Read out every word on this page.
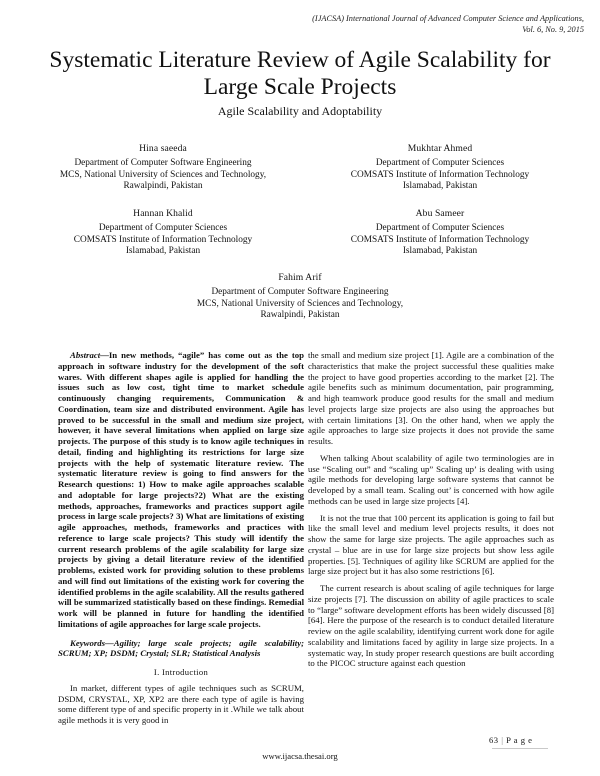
(IJACSA) International Journal of Advanced Computer Science and Applications,
Vol. 6, No. 9, 2015
Systematic Literature Review of Agile Scalability for Large Scale Projects
Agile Scalability and Adoptability
Hina saeeda
Department of Computer Software Engineering
MCS, National University of Sciences and Technology,
Rawalpindi, Pakistan
Mukhtar Ahmed
Department of Computer Sciences
COMSATS Institute of Information Technology
Islamabad, Pakistan
Hannan Khalid
Department of Computer Sciences
COMSATS Institute of Information Technology
Islamabad, Pakistan
Abu Sameer
Department of Computer Sciences
COMSATS Institute of Information Technology
Islamabad, Pakistan
Fahim Arif
Department of Computer Software Engineering
MCS, National University of Sciences and Technology,
Rawalpindi, Pakistan

Abstract—In new methods, “agile” has come out as the top approach in software industry for the development of the soft wares. With different shapes agile is applied for handling the issues such as low cost, tight time to market schedule continuously changing requirements, Communication & Coordination, team size and distributed environment. Agile has proved to be successful in the small and medium size project, however, it have several limitations when applied on large size projects. The purpose of this study is to know agile techniques in detail, finding and highlighting its restrictions for large size projects with the help of systematic literature review. The systematic literature review is going to find answers for the Research questions: 1) How to make agile approaches scalable and adoptable for large projects?2) What are the existing methods, approaches, frameworks and practices support agile process in large scale projects? 3) What are limitations of existing agile approaches, methods, frameworks and practices with reference to large scale projects? This study will identify the current research problems of the agile scalability for large size projects by giving a detail literature review of the identified problems, existed work for providing solution to these problems and will find out limitations of the existing work for covering the identified problems in the agile scalability. All the results gathered will be summarized statistically based on these findings. Remedial work will be planned in future for handling the identified limitations of agile approaches for large scale projects.

Keywords—Agility; large scale projects; agile scalability; SCRUM; XP; DSDM; Crystal; SLR; Statistical Analysis

I. Introduction

In market, different types of agile techniques such as SCRUM, DSDM, CRYSTAL, XP, XP2 are there each type of agile is having some different type of and specific property in it .While we talk about agile methods it is very good in

the small and medium size project [1]. Agile are a combination of the characteristics that make the project successful these qualities make the project to have good properties according to the market [2]. The agile benefits such as minimum documentation, pair programming, and high teamwork produce good results for the small and medium level projects large size projects are also using the approaches but with certain limitations [3]. On the other hand, when we apply the agile approaches to large size projects it does not provide the same results.

When talking About scalability of agile two terminologies are in use “Scaling out” and “scaling up” Scaling up’ is dealing with using agile methods for developing large software systems that cannot be developed by a small team. Scaling out’ is concerned with how agile methods can be used in large size projects [4].

It is not the true that 100 percent its application is going to fail but like the small level and medium level projects results, it does not show the same for large size projects. The agile approaches such as crystal – blue are in use for large size projects but show less agile properties. [5]. Techniques of agility like SCRUM are applied for the large size project but it has also some restrictions [6].

The current research is about scaling of agile techniques for large size projects [7]. The discussion on ability of agile practices to scale to “large” software development efforts has been widely discussed [8][64]. Here the purpose of the research is to conduct detailed literature review on the agile scalability, identifying current work done for agile scalability and limitations faced by agility in large size projects. In a systematic way, In study proper research questions are built according to the PICOC structure against each question

63 | P a g e
www.ijacsa.thesai.org
